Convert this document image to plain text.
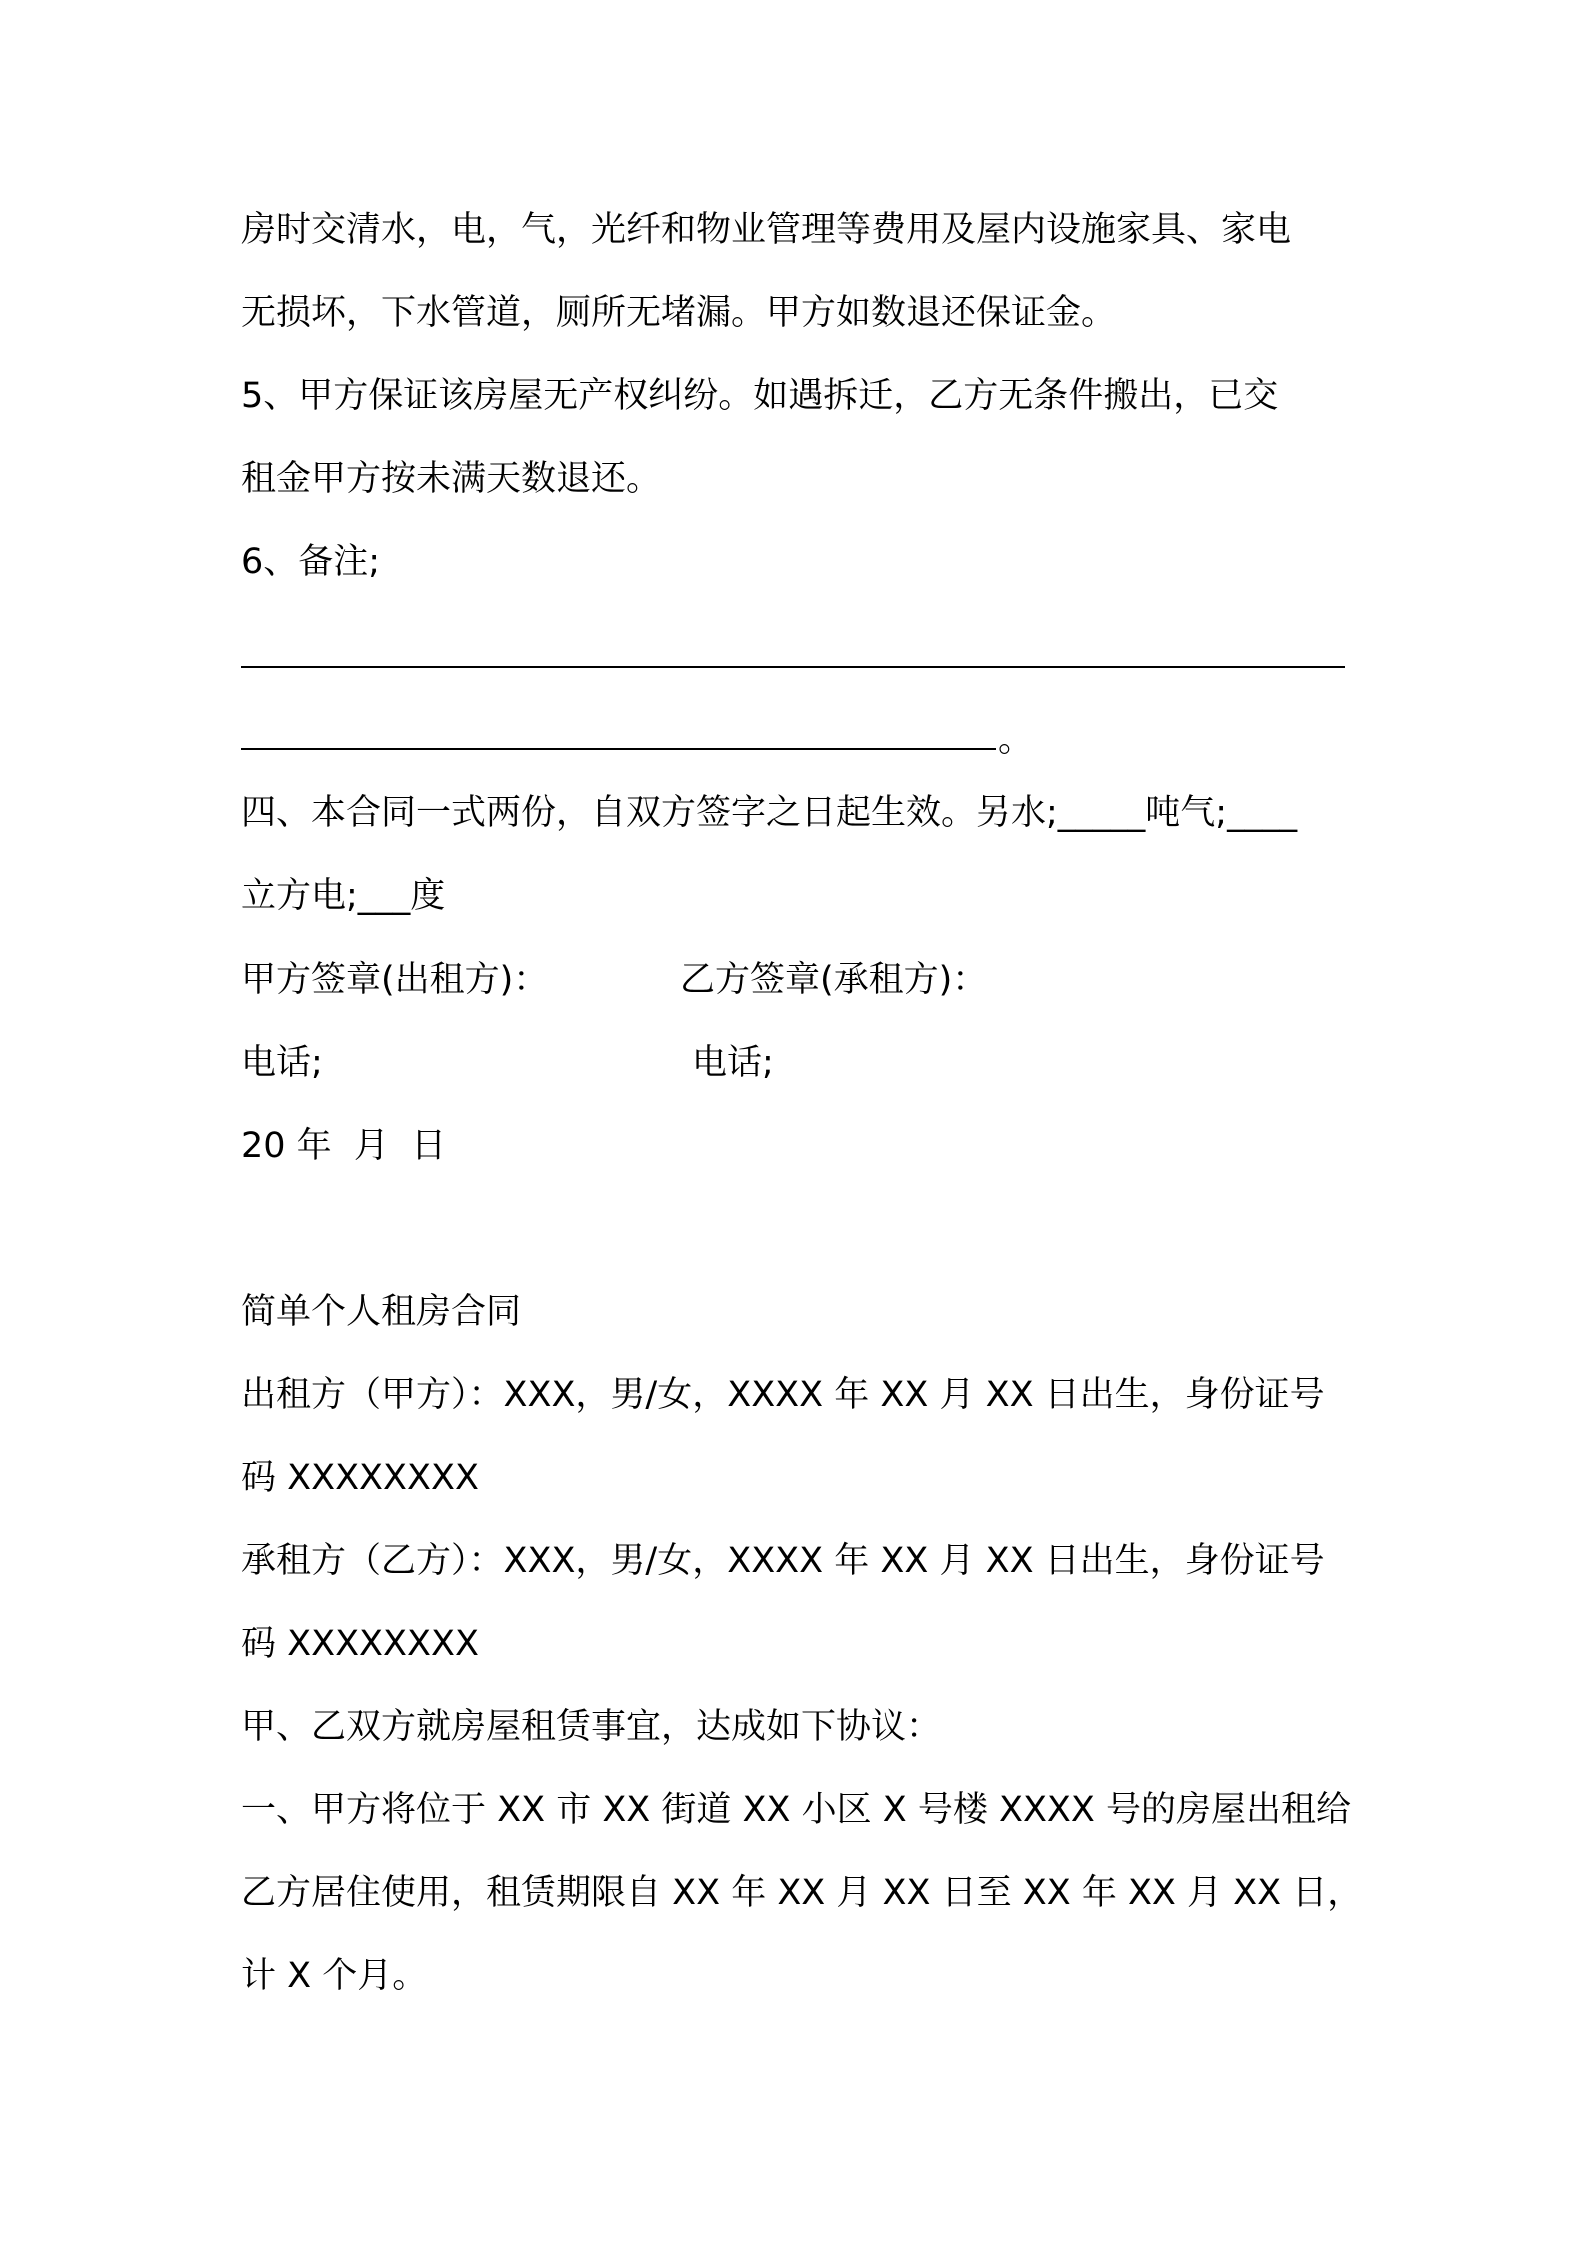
房时交清水，电，气，光纤和物业管理等费用及屋内设施家具、家电
无损坏，下水管道，厕所无堵漏。甲方如数退还保证金。
5、甲方保证该房屋无产权纠纷。如遇拆迁，乙方无条件搬出，已交
租金甲方按未满天数退还。
6、备注;
。
四、本合同一式两份，自双方签字之日起生效。另水;_____吨气;____
立方电;___度
甲方签章(出租方)：	乙方签章(承租方)：
电话;	电话;
20 年  月  日
简单个人租房合同
出租方（甲方）：XXX，男/女，XXXX 年 XX 月 XX 日出生，身份证号
码 XXXXXXXX
承租方（乙方）：XXX，男/女，XXXX 年 XX 月 XX 日出生，身份证号
码 XXXXXXXX
甲、乙双方就房屋租赁事宜，达成如下协议：
一、甲方将位于 XX 市 XX 街道 XX 小区 X 号楼 XXXX 号的房屋出租给
乙方居住使用，租赁期限自 XX 年 XX 月 XX 日至 XX 年 XX 月 XX 日，
计 X 个月。
